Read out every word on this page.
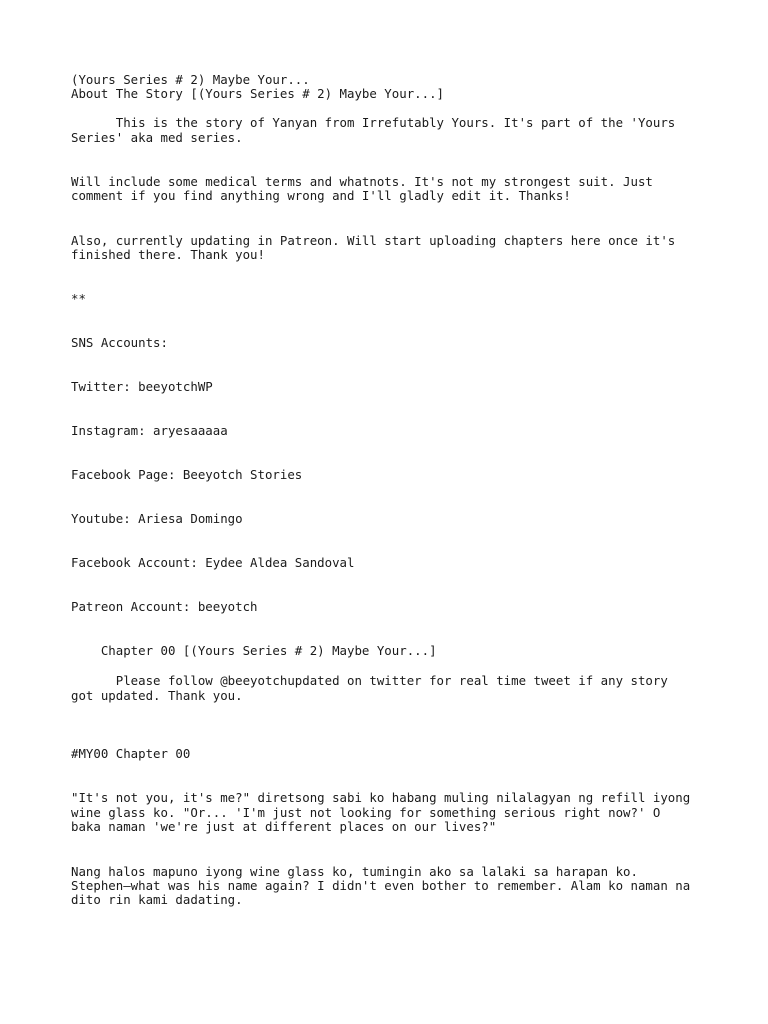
(Yours Series # 2) Maybe Your...
About The Story [(Yours Series # 2) Maybe Your...]
This is the story of Yanyan from Irrefutably Yours. It's part of the 'Yours
Series' aka med series.
Will include some medical terms and whatnots. It's not my strongest suit. Just
comment if you find anything wrong and I'll gladly edit it. Thanks!
Also, currently updating in Patreon. Will start uploading chapters here once it's
finished there. Thank you!
**
SNS Accounts:
Twitter: beeyotchWP
Instagram: aryesaaaaa
Facebook Page: Beeyotch Stories
Youtube: Ariesa Domingo
Facebook Account: Eydee Aldea Sandoval
Patreon Account: beeyotch
Chapter 00 [(Yours Series # 2) Maybe Your...]
Please follow @beeyotchupdated on twitter for real time tweet if any story
got updated. Thank you.
#MY00 Chapter 00
"It's not you, it's me?" diretsong sabi ko habang muling nilalagyan ng refill iyong
wine glass ko. "Or... 'I'm just not looking for something serious right now?' O
baka naman 'we're just at different places on our lives?"
Nang halos mapuno iyong wine glass ko, tumingin ako sa lalaki sa harapan ko.
Stephen—what was his name again? I didn't even bother to remember. Alam ko naman na
dito rin kami dadating.
